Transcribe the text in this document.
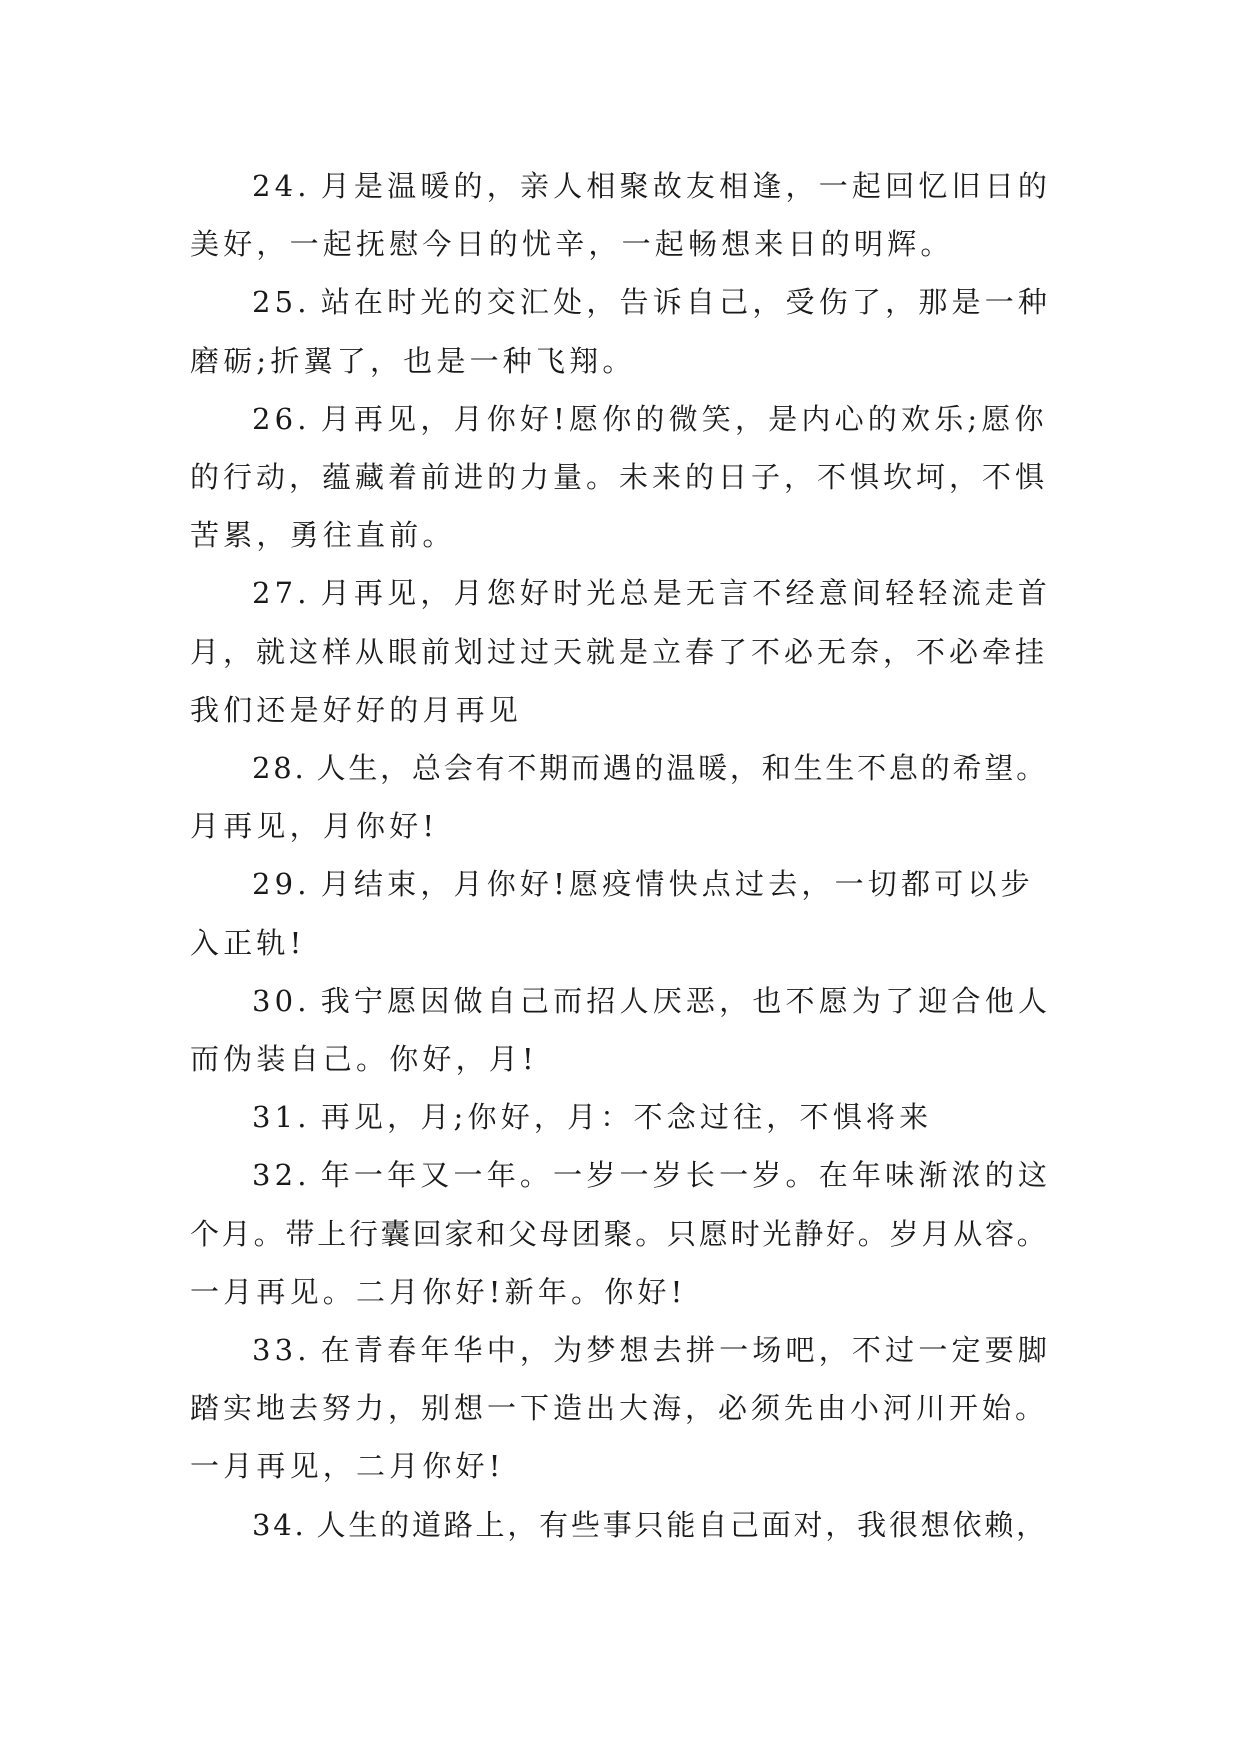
24. 月是温暖的，亲人相聚故友相逢，一起回忆旧日的
美好，一起抚慰今日的忧辛，一起畅想来日的明辉。
25. 站在时光的交汇处，告诉自己，受伤了，那是一种
磨砺;折翼了，也是一种飞翔。
26. 月再见，月你好!愿你的微笑，是内心的欢乐;愿你
的行动，蕴藏着前进的力量。未来的日子，不惧坎坷，不惧
苦累，勇往直前。
27. 月再见，月您好时光总是无言不经意间轻轻流走首
月，就这样从眼前划过过天就是立春了不必无奈，不必牵挂
我们还是好好的月再见
28. 人生，总会有不期而遇的温暖，和生生不息的希望。
月再见，月你好!
29. 月结束，月你好!愿疫情快点过去，一切都可以步
入正轨!
30. 我宁愿因做自己而招人厌恶，也不愿为了迎合他人
而伪装自己。你好，月!
31. 再见，月;你好，月：不念过往，不惧将来
32. 年一年又一年。一岁一岁长一岁。在年味渐浓的这
个月。带上行囊回家和父母团聚。只愿时光静好。岁月从容。
一月再见。二月你好!新年。你好!
33. 在青春年华中，为梦想去拼一场吧，不过一定要脚
踏实地去努力，别想一下造出大海，必须先由小河川开始。
一月再见，二月你好!
34. 人生的道路上，有些事只能自己面对，我很想依赖，
